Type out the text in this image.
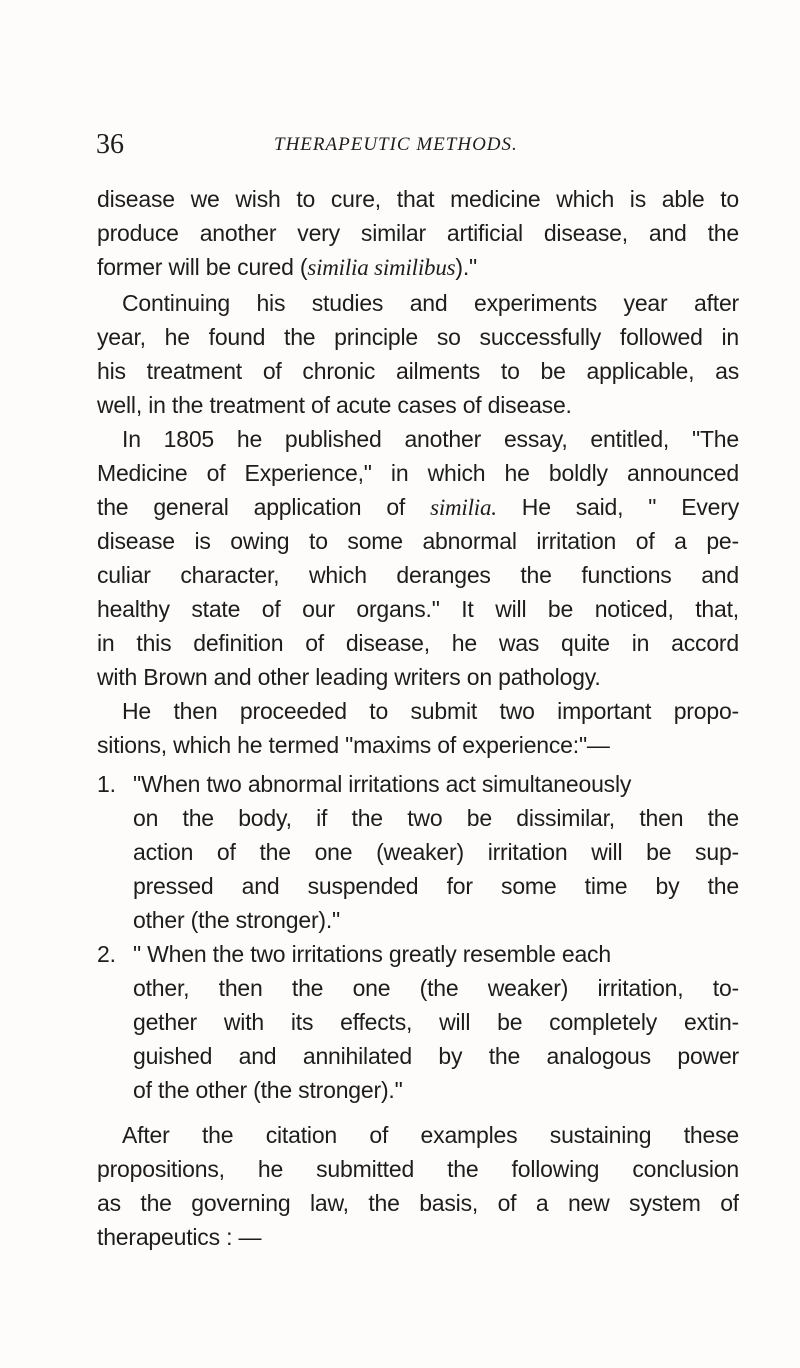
36	THERAPEUTIC METHODS.
disease we wish to cure, that medicine which is able to
produce another very similar artificial disease, and the
former will be cured (similia similibus)."
Continuing his studies and experiments year after
year, he found the principle so successfully followed in
his treatment of chronic ailments to be applicable, as
well, in the treatment of acute cases of disease.
In 1805 he published another essay, entitled, "The
Medicine of Experience," in which he boldly announced
the general application of similia. He said, " Every
disease is owing to some abnormal irritation of a pe-
culiar character, which deranges the functions and
healthy state of our organs." It will be noticed, that,
in this definition of disease, he was quite in accord
with Brown and other leading writers on pathology.
He then proceeded to submit two important propo-
sitions, which he termed "maxims of experience:"—
1. "When two abnormal irritations act simultaneously
on the body, if the two be dissimilar, then the
action of the one (weaker) irritation will be sup-
pressed and suspended for some time by the
other (the stronger)."
2. " When the two irritations greatly resemble each
other, then the one (the weaker) irritation, to-
gether with its effects, will be completely extin-
guished and annihilated by the analogous power
of the other (the stronger)."
After the citation of examples sustaining these
propositions, he submitted the following conclusion
as the governing law, the basis, of a new system of
therapeutics : —
